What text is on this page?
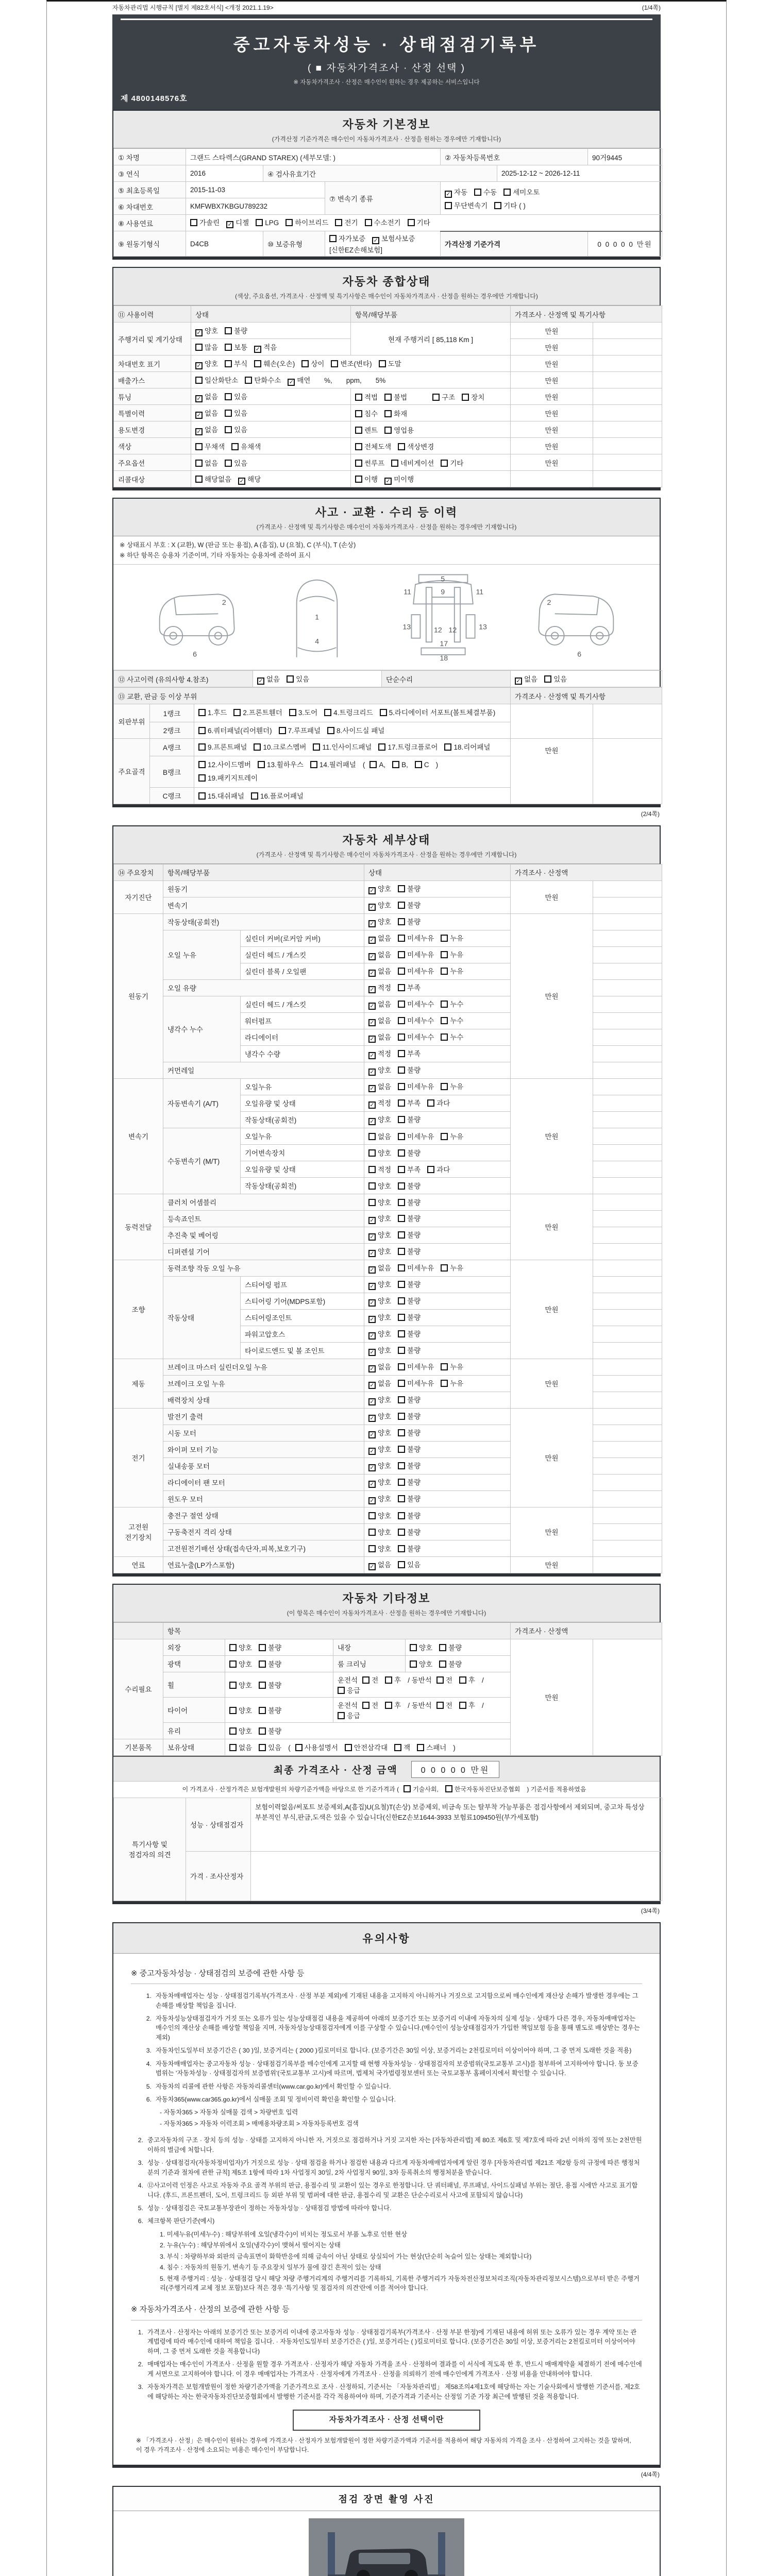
자동차관리법 시행규칙 [별지 제82호서식] <개정 2021.1.19>	(1/4쪽)
중고자동차성능 · 상태점검기록부
( ■ 자동차가격조사 · 산정 선택 )
※ 자동차가격조사 · 산정은 매수인이 원하는 경우 제공하는 서비스입니다
제 4800148576호
자동차 기본정보
(가격산정 기준가격은 매수인이 자동차가격조사 · 산정을 원하는 경우에만 기재합니다)
① 차명	그랜드 스타렉스(GRAND STAREX) (세부모델: )			② 자동차등록번호		90거9445
③ 연식	2016	④ 검사유효기간			2025-12-12 ~ 2026-12-11	
⑤ 최초등록일	2015-11-03		⑦ 변속기 종류	✓ 자동 수동 세미오토
무단변속기 기타 ( )		

⑥ 차대번호	KMFWBX7KBGU789232					
⑧ 사용연료	가솔린 ✓ 디젤 LPG 하이브리드 전기 수소전기 기타					
⑨ 원동기형식	D4CB	⑩ 보증유형	자가보증 ✓ 보험사보증[신한EZ손해보험]	가격산정 기준가격		0 0 0 0 0 만원
자동차 종합상태
(색상, 주요옵션, 가격조사 · 산정액 및 특기사항은 매수인이 자동차가격조사 · 산정을 원하는 경우에만 기재합니다)
⑪ 사용이력	상태	항목/해당부품	가격조사 · 산정액 및 특기사항	
주행거리 및 계기상태	✓ 양호 불량	현재 주행거리 [ 85,118 Km ]	만원	
	많음 보통 ✓ 적음		만원	
차대번호 표기	✓ 양호 부식 훼손(오손) 상이 변조(변타) 도말		만원	
배출가스	일산화탄소 탄화수소 ✓ 매연　%,　　ppm,　　5%		만원	
튜닝	✓ 없음 있음	적법 불법　　 구조 장치	만원	
특별이력	✓ 없음 있음	침수 화재	만원	
용도변경	✓ 없음 있음	렌트 영업용	만원	
색상	무채색 유채색	전체도색 색상변경	만원	
주요옵션	없음 있음	썬루프 네비게이션 기타	만원	
리콜대상	해당없음 ✓ 해당	이행 ✓ 미이행		
사고 · 교환 · 수리 등 이력
(가격조사 · 산정액 및 특기사항은 매수인이 자동차가격조사 · 산정을 원하는 경우에만 기재합니다)
※ 상태표시 부호 : X (교환), W (판금 또는 용접), A (흠집), U (요철), C (부식), T (손상)
※ 하단 항목은 승용차 기준이며, 기타 자동차는 승용차에 준하여 표시
2
6
1
4
5
11	11
9
13	13
12 12
17
18
2
6
⑫ 사고이력 (유의사항 4.참조)	✓ 없음 있음	단순수리	✓ 없음 있음
⑬ 교환, 판금 등 이상 부위			가격조사 · 산정액 및 특기사항	
외판부위	1랭크	1.후드 2.프론트휀더 3.도어 4.트렁크리드 5.라디에이터 서포트(볼트체결부품)		
	2랭크	6.쿼터패널(리어휀더) 7.루프패널 8.사이드실 패널		
주요골격	A랭크	9.프론트패널 10.크로스멤버 11.인사이드패널 17.트렁크플로어 18.리어패널	만원	
	B랭크	12.사이드멤버 13.휠하우스 14.필러패널 ( A, B, C )19.패키지트레이		
	C랭크	15.대쉬패널 16.플로어패널		
(2/4쪽)
자동차 세부상태
(가격조사 · 산정액 및 특기사항은 매수인이 자동차가격조사 · 산정을 원하는 경우에만 기재합니다)
⑭ 주요장치	항목/해당부품		상태	가격조사 · 산정액	
자기진단	원동기		✓ 양호 불량	만원	
	변속기		✓ 양호 불량		
원동기	작동상태(공회전)		✓ 양호 불량	만원	
	오일 누유	실린더 커버(로커암 커버)	✓ 없음 미세누유 누유		
		실린더 헤드 / 개스킷	✓ 없음 미세누유 누유		
		실린더 블록 / 오일팬	✓ 없음 미세누유 누유		
	오일 유량		✓ 적정 부족		
	냉각수 누수	실린더 헤드 / 개스킷	✓ 없음 미세누수 누수		
		워터펌프	✓ 없음 미세누수 누수		
		라디에이터	✓ 없음 미세누수 누수		
		냉각수 수량	✓ 적정 부족		
	커먼레일		✓ 양호 불량		
변속기	자동변속기 (A/T)	오일누유	✓ 없음 미세누유 누유	만원	
		오일유량 및 상태	✓ 적정 부족 과다		
		작동상태(공회전)	✓ 양호 불량		
	수동변속기 (M/T)	오일누유	없음 미세누유 누유		
		기어변속장치	양호 불량		
		오일유량 및 상태	적정 부족 과다		
		작동상태(공회전)	양호 불량		
동력전달	클러치 어셈블리		양호 불량	만원	
	등속죠인트		✓ 양호 불량		
	추진축 및 베어링		✓ 양호 불량		
	디퍼렌셜 기어		✓ 양호 불량		
조향	동력조향 작동 오일 누유		✓ 없음 미세누유 누유	만원	
	작동상태	스티어링 펌프	✓ 양호 불량		
		스티어링 기어(MDPS포함)	✓ 양호 불량		
		스티어링조인트	✓ 양호 불량		
		파워고압호스	✓ 양호 불량		
		타이로드엔드 및 볼 조인트	✓ 양호 불량		
제동	브레이크 마스터 실린더오일 누유		✓ 없음 미세누유 누유	만원	
	브레이크 오일 누유		✓ 없음 미세누유 누유		
	배력장치 상태		✓ 양호 불량		
전기	발전기 출력		✓ 양호 불량	만원	
	시동 모터		✓ 양호 불량		
	와이퍼 모터 기능		✓ 양호 불량		
	실내송풍 모터		✓ 양호 불량		
	라디에이터 팬 모터		✓ 양호 불량		
	윈도우 모터		✓ 양호 불량		
고전원 전기장치	충전구 절연 상태		양호 불량	만원	
	구동축전지 격리 상태		양호 불량		
	고전원전기배선 상태(접속단자,피복,보호기구)		양호 불량		
연료	연료누출(LP가스포함)		✓ 없음 있음	만원	
자동차 기타정보
(이 항목은 매수인이 자동차가격조사 · 산정을 원하는 경우에만 기재합니다)
	항목				가격조사 · 산정액	
수리필요	외장	양호 불량	내장	양호 불량	만원	
	광택	양호 불량	룸 크리닝	양호 불량		
	휠	양호 불량	운전석 전 후 / 동반석 전 후 /응급			
	타이어	양호 불량	운전석 전 후 / 동반석 전 후 /응급			
	유리	양호 불량				
기본품목	보유상태	없음 있음 ( 사용설명서 안전삼각대 잭 스패너 )				
최종 가격조사 · 산정 금액	0 0 0 0 0 만원
이 가격조사 · 산정가격은 보험개발원의 차량기준가액을 바탕으로 한 기준가격과 ( 기술사회,	한국자동차진단보증협회 ) 기준서를 적용하였음
특기사항 및 점검자의 의견	성능 · 상태점검자	보험이력없음/써포트 보증제외,A(흠집)U(요철)T(손상) 보증제외, 비금속 또는 탈부착 가능부품은 점검사항에서 제외되며, 중고차 특성상 부분적인 부식,판금,도색은 있을 수 있습니다(신한EZ손보1644-3933 보험료109450원(부가세포함)
	가격 · 조사산정자	
(3/4쪽)
유의사항
※ 중고자동차성능 · 상태점검의 보증에 관한 사항 등
1. 자동차매매업자는 성능 · 상태점검기록부(가격조사 · 산정 부분 제외)에 기재된 내용을 고지하지 아니하거나 거짓으로 고지함으로써 매수인에게 재산상 손해가 발생한 경우에는 그 손해를 배상할 책임을 집니다.
2. 자동차성능상태점검자가 거짓 또는 오류가 있는 성능상태점검 내용을 제공하여 아래의 보증기간 또는 보증거리 이내에 자동차의 실제 성능 · 상태가 다른 경우, 자동차매매업자는 매수인의 재산상 손해를 배상할 책임을 지며, 자동차성능상태점검자에게 이를 구상할 수 있습니다.(매수인이 성능상태점검자가 가입한 책임보험 등을 통해 별도로 배상받는 경우는 제외)
3. 자동차인도일부터 보증기간은 ( 30 )일, 보증거리는 ( 2000 )킬로미터로 합니다. (보증기간은 30일 이상, 보증거리는 2천킬로미터 이상이어야 하며, 그 중 먼저 도래한 것을 적용)
4. 자동차매매업자는 중고자동차 성능 · 상태점검기록부를 매수인에게 고지할 때 현행 자동차성능 · 상태점검자의 보증범위(국토교통부 고시)를 첨부하여 고지하여야 합니다. 동 보증범위는 '자동차성능 · 상태점검자의 보증범위'(국토교통부 고시)에 따르며, 법제처 국가법령정보센터 또는 국토교통부 홈페이지에서 확인할 수 있습니다.
5. 자동차의 리콜에 관한 사항은 자동차리콜센터(www.car.go.kr)에서 확인할 수 있습니다.
6. 자동차365(www.car365.go.kr)에서 실매물 조회 및 정비이력 확인을 확인할 수 있습니다.
- 자동차365 > 자동차 실매물 검색 > 차량번호 입력
- 자동차365 > 자동차 이력조회 > 매매용차량조회 > 자동차등록번호 검색
2. 중고자동차의 구조 · 장치 등의 성능 · 상태를 고지하지 아니한 자, 거짓으로 점검하거나 거짓 고지한 자는 [자동차관리법] 제 80조 제6호 및 제7호에 따라 2년 이하의 징역 또는 2천만원 이하의 벌금에 처합니다.
3. 성능 · 상태점검자(자동차정비업자)가 거짓으로 성능 · 상태 점검을 하거나 점검한 내용과 다르게 자동차매매업자에게 알린 경우 [자동차관리법 제21조 제2항 등의 규정에 따른 행정처분의 기준과 절차에 관한 규칙] 제5조 1항에 따라 1차 사업정지 30일, 2차 사업정지 90일, 3차 등록취소의 행정처분을 받습니다.
4. ⑫사고이력 인정은 사고로 자동차 주요 골격 부위의 판금, 용접수리 및 교환이 있는 경우로 한정합니다. 단 쿼터패널, 루프패널, 사이드실패널 부위는 절단, 용접 시에만 사고로 표기합니다. (후드, 프론트펜더, 도어, 트렁크리드 등 외판 부위 및 범퍼에 대한 판금, 용접수리 및 교환은 단순수리로서 사고에 포함되지 않습니다)
5. 성능 · 상태점검은 국토교통부장관이 정하는 자동차성능 · 상태점검 방법에 따라야 합니다.
6. 체크항목 판단기준(예시)
1. 미세누유(미세누수) : 해당부위에 오일(냉각수)이 비치는 정도로서 부품 노후로 인한 현상
2. 누유(누수) : 해당부위에서 오일(냉각수)이 맺혀서 떨어지는 상태
3. 부식 : 차량하부와 외판의 금속표면이 화학반응에 의해 금속이 아닌 상태로 상실되어 가는 현상(단순히 녹슬어 있는 상태는 제외합니다)
4. 침수 : 자동차의 원동기, 변속기 등 주요장치 일부가 물에 잠긴 흔적이 있는 상태
5. 현재 주행거리 : 성능 · 상태점검 당시 해당 차량 주행거리계의 주행거리를 기록하되, 기록한 주행거리가 자동차전산정보처리조직(자동차관리정보시스템)으로부터 받은 주행거리(주행거리계 교체 정보 포함)보다 적은 경우 '특기사항 및 점검자의 의견'란에 이를 적어야 합니다.
※ 자동차가격조사 · 산정의 보증에 관한 사항 등
1. 가격조사 · 산정자는 아래의 보증기간 또는 보증거리 이내에 중고자동차 성능 · 상태점검기록부(가격조사 · 산정 부분 한정)에 기재된 내용에 허위 또는 오류가 있는 경우 계약 또는 관계법령에 따라 매수인에 대하여 책임을 집니다. · 자동차인도일부터 보증기간은 ( )일, 보증거리는 ( )킬로미터로 합니다. (보증기간은 30일 이상, 보증거리는 2천킬로미터 이상이어야 하며, 그 중 먼저 도래한 것을 적용합니다)
2. 매매업자는 매수인이 가격조사 · 산정을 원할 경우 가격조사 · 산정자가 해당 자동차 가격을 조사 · 산정하여 결과를 이 서식에 적도록 한 후, 반드시 매매계약을 체결하기 전에 매수인에게 서면으로 고지하여야 합니다. 이 경우 매매업자는 가격조사 · 산정자에게 가격조사 · 산정을 의뢰하기 전에 매수인에게 가격조사 · 산정 비용을 안내하여야 합니다.
3. 자동차가격은 보험개발원이 정한 차량기준가액을 기준가격으로 조사 · 산정하되, 기준서는 「자동차관리법」 제58조의4제1호에 해당하는 자는 기술사회에서 발행한 기준서를, 제2호에 해당하는 자는 한국자동차진단보증협회에서 발행한 기준서를 각각 적용하여야 하며, 기준가격과 기준서는 산정일 기준 가장 최근에 발행된 것을 적용합니다.
자동차가격조사 · 산정 선택이란
※ 「가격조사 · 산정」은 매수인이 원하는 경우에 가격조사 · 산정자가 보험개발원이 정한 차량기준가액과 기준서를 적용하여 해당 자동차의 가격을 조사 · 산정하여 고지하는 것을 말하며, 이 경우 가격조사 · 산정에 소요되는 비용은 매수인이 부담합니다.
(4/4쪽)
점검 장면 촬영 사진
